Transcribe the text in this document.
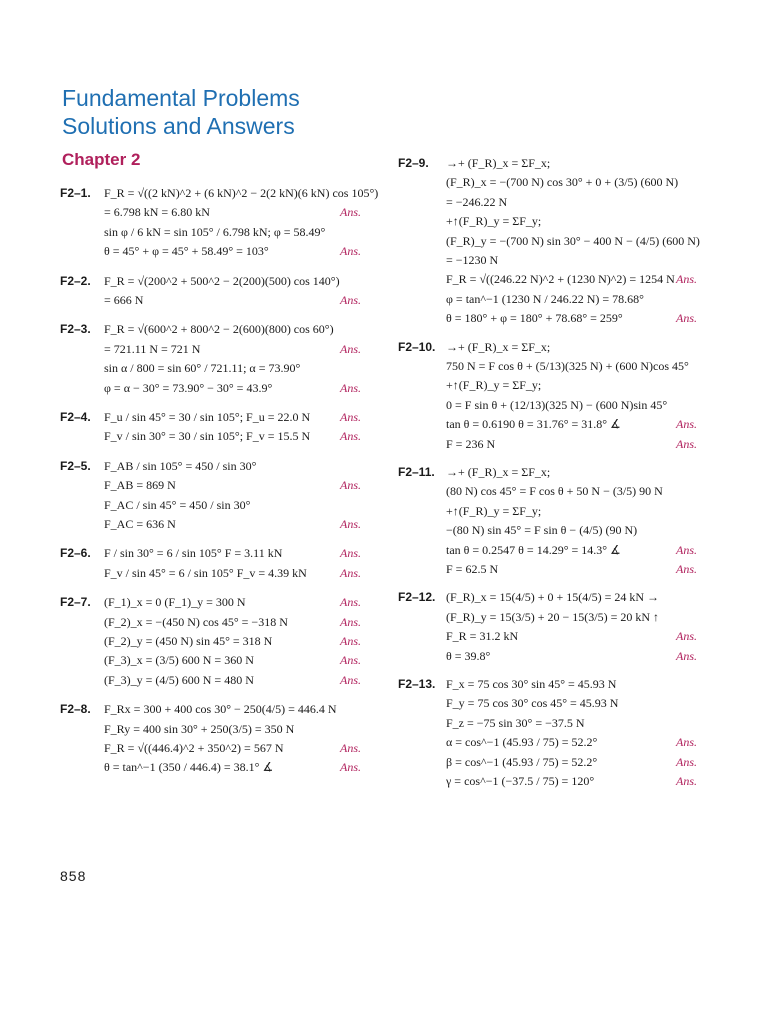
Fundamental Problems
Solutions and Answers
Chapter 2
F2–1. F_R = √((2 kN)^2 + (6 kN)^2 − 2(2 kN)(6 kN) cos 105°)
= 6.798 kN = 6.80 kN	Ans.
sin φ / 6 kN = sin 105° / 6.798 kN; φ = 58.49°
θ = 45° + φ = 45° + 58.49° = 103°	Ans.
F2–2. F_R = √(200^2 + 500^2 − 2(200)(500) cos 140°)
= 666 N	Ans.
F2–3. F_R = √(600^2 + 800^2 − 2(600)(800) cos 60°)
= 721.11 N = 721 N	Ans.
sin α / 800 = sin 60° / 721.11; α = 73.90°
φ = α − 30° = 73.90° − 30° = 43.9°	Ans.
F2–4. F_u / sin 45° = 30 / sin 105°; F_u = 22.0 N Ans.
F_v / sin 30° = 30 / sin 105°; F_v = 15.5 N Ans.
F2–5. F_AB / sin 105° = 450 / sin 30°
F_AB = 869 N	Ans.
F_AC / sin 45° = 450 / sin 30°
F_AC = 636 N	Ans.
F2–6. F / sin 30° = 6 / sin 105° F = 3.11 kN	Ans.
F_v / sin 45° = 6 / sin 105° F_v = 4.39 kN	Ans.
F2–7. (F_1)_x = 0 (F_1)_y = 300 N	Ans.
(F_2)_x = −(450 N) cos 45° = −318 N	Ans.
(F_2)_y = (450 N) sin 45° = 318 N	Ans.
(F_3)_x = (3/5) 600 N = 360 N	Ans.
(F_3)_y = (4/5) 600 N = 480 N	Ans.
F2–8. F_Rx = 300 + 400 cos 30° − 250(4/5) = 446.4 N
F_Ry = 400 sin 30° + 250(3/5) = 350 N
F_R = √((446.4)^2 + 350^2) = 567 N	Ans.
θ = tan^−1 (350 / 446.4) = 38.1° ∡	Ans.
F2–9. →+ (F_R)_x = ΣF_x;
(F_R)_x = −(700 N) cos 30° + 0 + (3/5) (600 N)
= −246.22 N
+↑(F_R)_y = ΣF_y;
(F_R)_y = −(700 N) sin 30° − 400 N − (4/5) (600 N)
= −1230 N
F_R = √((246.22 N)^2 + (1230 N)^2) = 1254 N Ans.
φ = tan^−1 (1230 N / 246.22 N) = 78.68°
θ = 180° + φ = 180° + 78.68° = 259°	Ans.
F2–10. →+ (F_R)_x = ΣF_x;
750 N = F cos θ + (5/13)(325 N) + (600 N)cos 45°
+↑(F_R)_y = ΣF_y;
0 = F sin θ + (12/13)(325 N) − (600 N)sin 45°
tan θ = 0.6190 θ = 31.76° = 31.8° ∡	Ans.
F = 236 N	Ans.
F2–11. →+ (F_R)_x = ΣF_x;
(80 N) cos 45° = F cos θ + 50 N − (3/5) 90 N
+↑(F_R)_y = ΣF_y;
−(80 N) sin 45° = F sin θ − (4/5) (90 N)
tan θ = 0.2547 θ = 14.29° = 14.3° ∡	Ans.
F = 62.5 N	Ans.
F2–12. (F_R)_x = 15(4/5) + 0 + 15(4/5) = 24 kN →
(F_R)_y = 15(3/5) + 20 − 15(3/5) = 20 kN ↑
F_R = 31.2 kN	Ans.
θ = 39.8°	Ans.
F2–13. F_x = 75 cos 30° sin 45° = 45.93 N
F_y = 75 cos 30° cos 45° = 45.93 N
F_z = −75 sin 30° = −37.5 N
α = cos^−1 (45.93 / 75) = 52.2°	Ans.
β = cos^−1 (45.93 / 75) = 52.2°	Ans.
γ = cos^−1 (−37.5 / 75) = 120°	Ans.
858
